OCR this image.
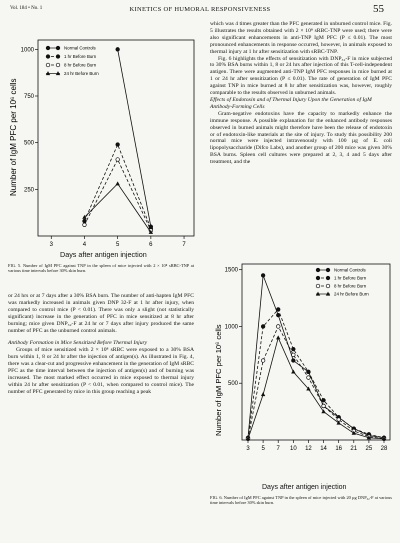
Vol. 184 • No. 1	KINETICS OF HUMORAL RESPONSIVENESS	55
Number of IgM PFC per 10⁶ cells 250
500
750
1000
3	4	5	6	7
Normal Controls
1 hr Before Burn
8 hr Before Burn
24 hr Before Burn
Days after antigen injection
FIG. 5. Number of IgM PFC against TNP in the spleen of mice injected with 2 × 10⁸ sRBC-TNP at various time intervals before 30% skin burn.

which was 4 times greater than the PFC generated in unburned control mice. Fig. 5 illustrates the results obtained with 2 × 10⁸ sRBC-TNP were used; there were also significant enhancements in anti-TNP IgM PFC (P ≤ 0.01). The most pronounced enhancements in response occurred, however, in animals exposed to thermal injury at 1 hr after sensitization with sRBC-TNP.

Fig. 6 highlights the effects of sensitization with DNP₃₂-F in mice subjected to 30% BSA burns within 1, 8 or 24 hrs after injection of this T-cell-independent antigen. There were augmented anti-TNP IgM PFC responses in mice burned at 1 or 24 hr after sensitization (P ≤ 0.01). The rate of generation of IgM PFC against TNP in mice burned at 8 hr after sensitization was, however, roughly comparable to the results observed in unburned animals.

Effects of Endotoxin and of Thermal Injury Upon the Generation of IgM Antibody-Forming Cells

Gram-negative endotoxins have the capacity to markedly enhance the immune response. A possible explanation for the enhanced antibody responses observed in burned animals might therefore have been the release of endotoxin or of endotoxin-like materials at the site of injury. To study this possibility 200 normal mice were injected intravenously with 100 µg of E. coli lipopolysaccharide (Difco Labs), and another group of 200 mice was given 30% BSA burns. Spleen cell cultures were prepared at 2, 3, 4 and 5 days after treatment, and the

or 24 hrs or at 7 days after a 30% BSA burn. The number of anti-hapten IgM PFC was markedly increased in animals given DNP 32-F at 1 hr after injury, when compared to control mice (P < 0.01). There was only a slight (not statistically significant) increase in the generation of PFC in mice sensitized at 8 hr after burning; mice given DNP₃₂-F at 24 hr or 7 days after injury produced the same number of PFC as the unburned control animals.

Antibody Formation in Mice Sensitized Before Thermal Injury

Groups of mice sensitized with 2 × 10⁸ sRBC were exposed to a 30% BSA burn within 1, 8 or 24 hr after the injection of antigen(s). As illustrated in Fig. 4, there was a clear-cut and progressive enhancement in the generation of IgM sRBC PFC as the time interval between the injection of antigen(s) and of burning was increased. The most marked effect occurred in mice exposed to thermal injury within 24 hr after sensitization (P < 0.01, when compared to control mice). The number of PFC generated by mice in this group reaching a peak	Number of IgM PFC per 10⁶ cells 500
1000
1500
3 5 7 10 12 14 16 21 25 28
Normal Controls
1 hr Before Burn
8 hr Before Burn
24 hr Before Burn
Days after antigen injection
FIG. 6. Number of IgM PFC against TNP in the spleen of mice injected with 20 µg DNP₃₂-F at various time intervals before 30% skin burn.
